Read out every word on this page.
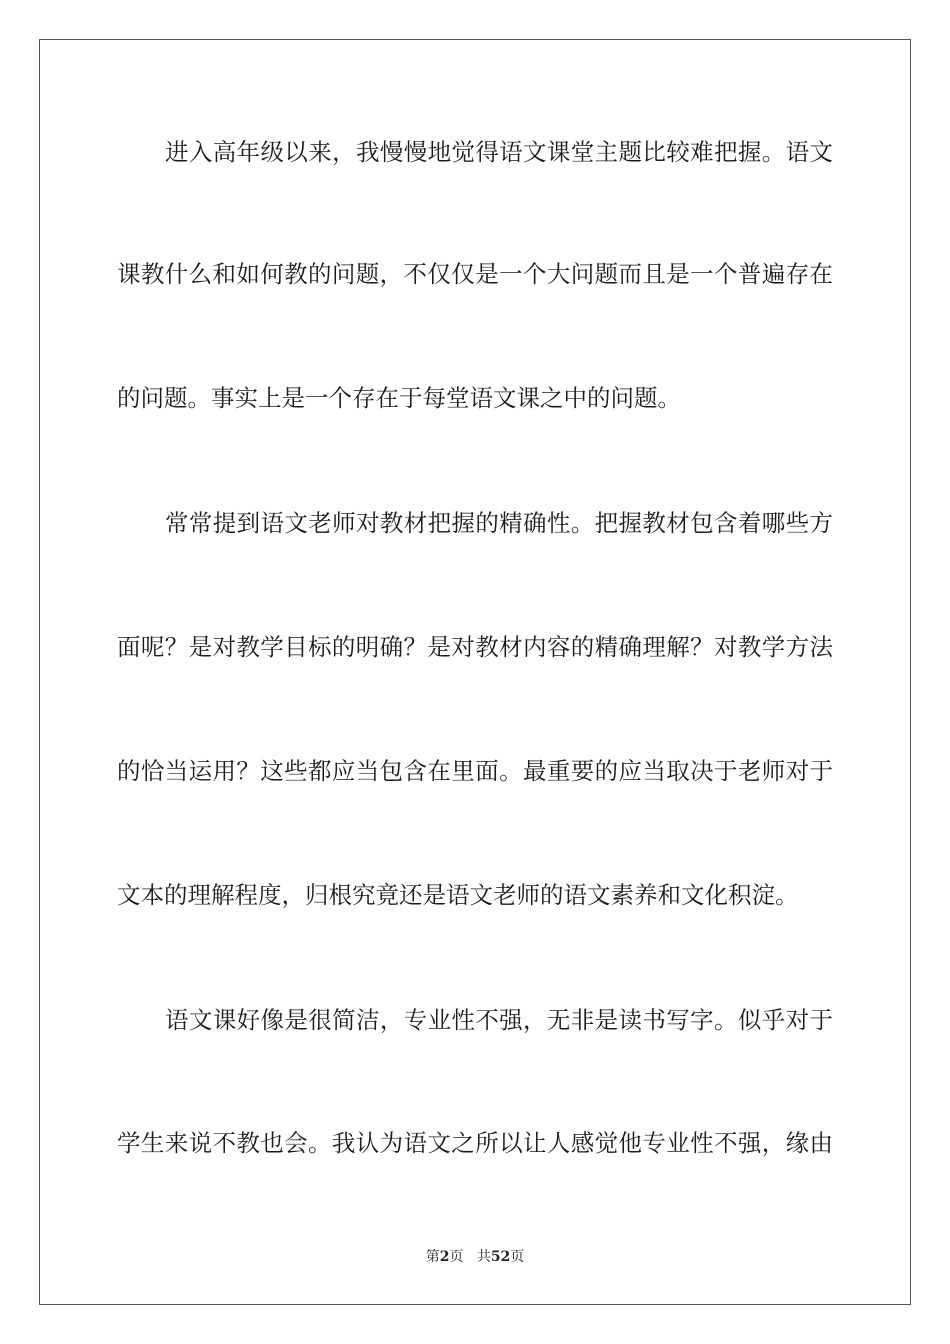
进入高年级以来，我慢慢地觉得语文课堂主题比较难把握。语文
课教什么和如何教的问题，不仅仅是一个大问题而且是一个普遍存在
的问题。事实上是一个存在于每堂语文课之中的问题。
常常提到语文老师对教材把握的精确性。把握教材包含着哪些方
面呢？是对教学目标的明确？是对教材内容的精确理解？对教学方法
的恰当运用？这些都应当包含在里面。最重要的应当取决于老师对于
文本的理解程度，归根究竟还是语文老师的语文素养和文化积淀。
语文课好像是很简洁，专业性不强，无非是读书写字。似乎对于
学生来说不教也会。我认为语文之所以让人感觉他专业性不强，缘由
第2页 共52页
